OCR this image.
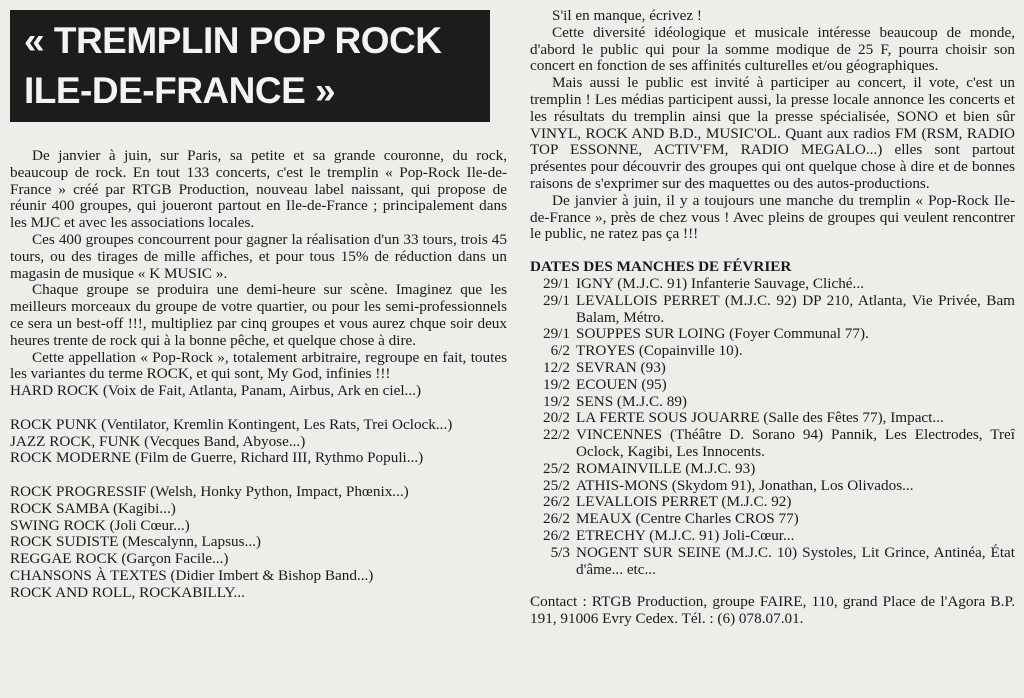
« TREMPLIN POP ROCK
ILE-DE-FRANCE »

De janvier à juin, sur Paris, sa petite et sa grande couronne, du rock, beaucoup de rock. En tout 133 concerts, c'est le tremplin « Pop-Rock Ile-de-France » créé par RTGB Production, nouveau label naissant, qui propose de réunir 400 groupes, qui joueront partout en Ile-de-France ; principalement dans les MJC et avec les associations locales.

Ces 400 groupes concourrent pour gagner la réalisation d'un 33 tours, trois 45 tours, ou des tirages de mille affiches, et pour tous 15% de réduction dans un magasin de musique « K MUSIC ».

Chaque groupe se produira une demi-heure sur scène. Imaginez que les meilleurs morceaux du groupe de votre quartier, ou pour les semi-professionnels ce sera un best-off !!!, multipliez par cinq groupes et vous aurez chque soir deux heures trente de rock qui à la bonne pêche, et quelque chose à dire.

Cette appellation « Pop-Rock », totalement arbitraire, regroupe en fait, toutes les variantes du terme ROCK, et qui sont, My God, infinies !!!

HARD ROCK (Voix de Fait, Atlanta, Panam, Airbus, Ark en ciel...)
ROCK PUNK (Ventilator, Kremlin Kontingent, Les Rats, Trei Oclock...)
JAZZ ROCK, FUNK (Vecques Band, Abyose...)
ROCK MODERNE (Film de Guerre, Richard III, Rythmo Populi...)
ROCK PROGRESSIF (Welsh, Honky Python, Impact, Phœnix...)
ROCK SAMBA (Kagibi...)
SWING ROCK (Joli Cœur...)
ROCK SUDISTE (Mescalynn, Lapsus...)
REGGAE ROCK (Garçon Facile...)
CHANSONS À TEXTES (Didier Imbert & Bishop Band...)
ROCK AND ROLL, ROCKABILLY...

S'il en manque, écrivez !

Cette diversité idéologique et musicale intéresse beaucoup de monde, d'abord le public qui pour la somme modique de 25 F, pourra choisir son concert en fonction de ses affinités culturelles et/ou géographiques.

Mais aussi le public est invité à participer au concert, il vote, c'est un tremplin ! Les médias participent aussi, la presse locale annonce les concerts et les résultats du tremplin ainsi que la presse spécialisée, SONO et bien sûr VINYL, ROCK AND B.D., MUSIC'OL. Quant aux radios FM (RSM, RADIO TOP ESSONNE, ACTIV'FM, RADIO MEGALO...) elles sont partout présentes pour découvrir des groupes qui ont quelque chose à dire et de bonnes raisons de s'exprimer sur des maquettes ou des autos-productions.

De janvier à juin, il y a toujours une manche du tremplin « Pop-Rock Ile-de-France », près de chez vous ! Avec pleins de groupes qui veulent rencontrer le public, ne ratez pas ça !!!

DATES DES MANCHES DE FÉVRIER
29/1 IGNY (M.J.C. 91) Infanterie Sauvage, Cliché...
29/1 LEVALLOIS PERRET (M.J.C. 92) DP 210, Atlanta, Vie Privée, Bam Balam, Métro.
29/1 SOUPPES SUR LOING (Foyer Communal 77).
6/2 TROYES (Copainville 10).
12/2 SEVRAN (93)
19/2 ECOUEN (95)
19/2 SENS (M.J.C. 89)
20/2 LA FERTE SOUS JOUARRE (Salle des Fêtes 77), Impact...
22/2 VINCENNES (Théâtre D. Sorano 94) Pannik, Les Electrodes, Treî Oclock, Kagibi, Les Innocents.
25/2 ROMAINVILLE (M.J.C. 93)
25/2 ATHIS-MONS (Skydom 91), Jonathan, Los Olivados...
26/2 LEVALLOIS PERRET (M.J.C. 92)
26/2 MEAUX (Centre Charles CROS 77)
26/2 ETRECHY (M.J.C. 91) Joli-Cœur...
5/3 NOGENT SUR SEINE (M.J.C. 10) Systoles, Lit Grince, Antinéa, État d'âme... etc...
Contact : RTGB Production, groupe FAIRE, 110, grand Place de l'Agora B.P. 191, 91006 Evry Cedex. Tél. : (6) 078.07.01.
